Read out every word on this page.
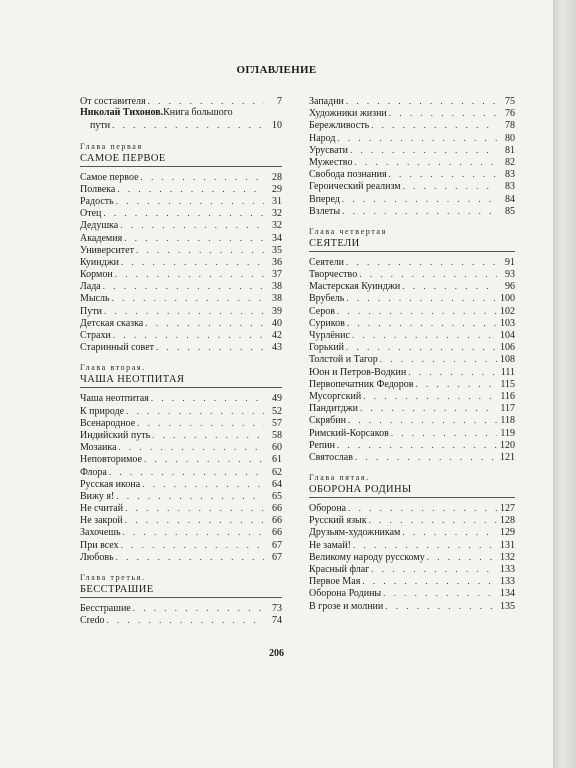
ОГЛАВЛЕНИЕ
От составителя . . .	7
Николай Тихонов. Книга большого
пути . . .	10
Глава первая
САМОЕ ПЕРВОЕ
Самое первое . . .	28
Полвека . . .	29
Радость . . .	31
Отец . . .	32
Дедушка . . .	32
Академия . . .	34
Университет . . .	35
Куинджи . . .	36
Кормон . . .	37
Лада . . .	38
Мысль . . .	38
Пути . . .	39
Детская сказка . . .	40
Страхи . . .	42
Старинный совет . . .	43
Глава вторая.
ЧАША НЕОТПИТАЯ
Чаша неотпитая . . .	49
К природе . . .	52
Всенародное . . .	57
Индийский путь . . .	58
Мозаика . . .	60
Неповторимое . . .	61
Флора . . .	62
Русская икона . . .	64
Вижу я! . . .	65
Не считай . . .	66
Не закрой . . .	66
Захочешь . . .	66
При всех . . .	67
Любовь . . .	67
Глава третья.
БЕССТРАШИЕ
Бесстрашие . . .	73
Credo . . .	74
Западни . . .	75
Художники жизни . . .	76
Бережливость . . .	78
Народ . . .	80
Урусвати . . .	81
Мужество . . .	82
Свобода познания . . .	83
Героический реализм . . .	83
Вперед . . .	84
Взлеты . . .	85
Глава четвертая
СЕЯТЕЛИ
Сеятели . . .	91
Творчество . . .	93
Мастерская Куинджи . . .	96
Врубель . . .	100
Серов . . .	102
Суриков . . .	103
Чурлёнис . . .	104
Горький . . .	106
Толстой и Тагор . . .	108
Юон и Петров-Водкин . . .	111
Первопечатник Федоров . . .	115
Мусоргский . . .	116
Пандитджи . . .	117
Скрябин . . .	118
Римский-Корсаков . . .	119
Репин . . .	120
Святослав . . .	121
Глава пятая.
ОБОРОНА РОДИНЫ
Оборона . . .	127
Русский язык . . .	128
Друзьям-художникам . . .	129
Не замай! . . .	131
Великому народу русскому . . .	132
Красный флаг . . .	133
Первое Мая . . .	133
Оборона Родины . . .	134
В грозе и молнии . . .	135
206
